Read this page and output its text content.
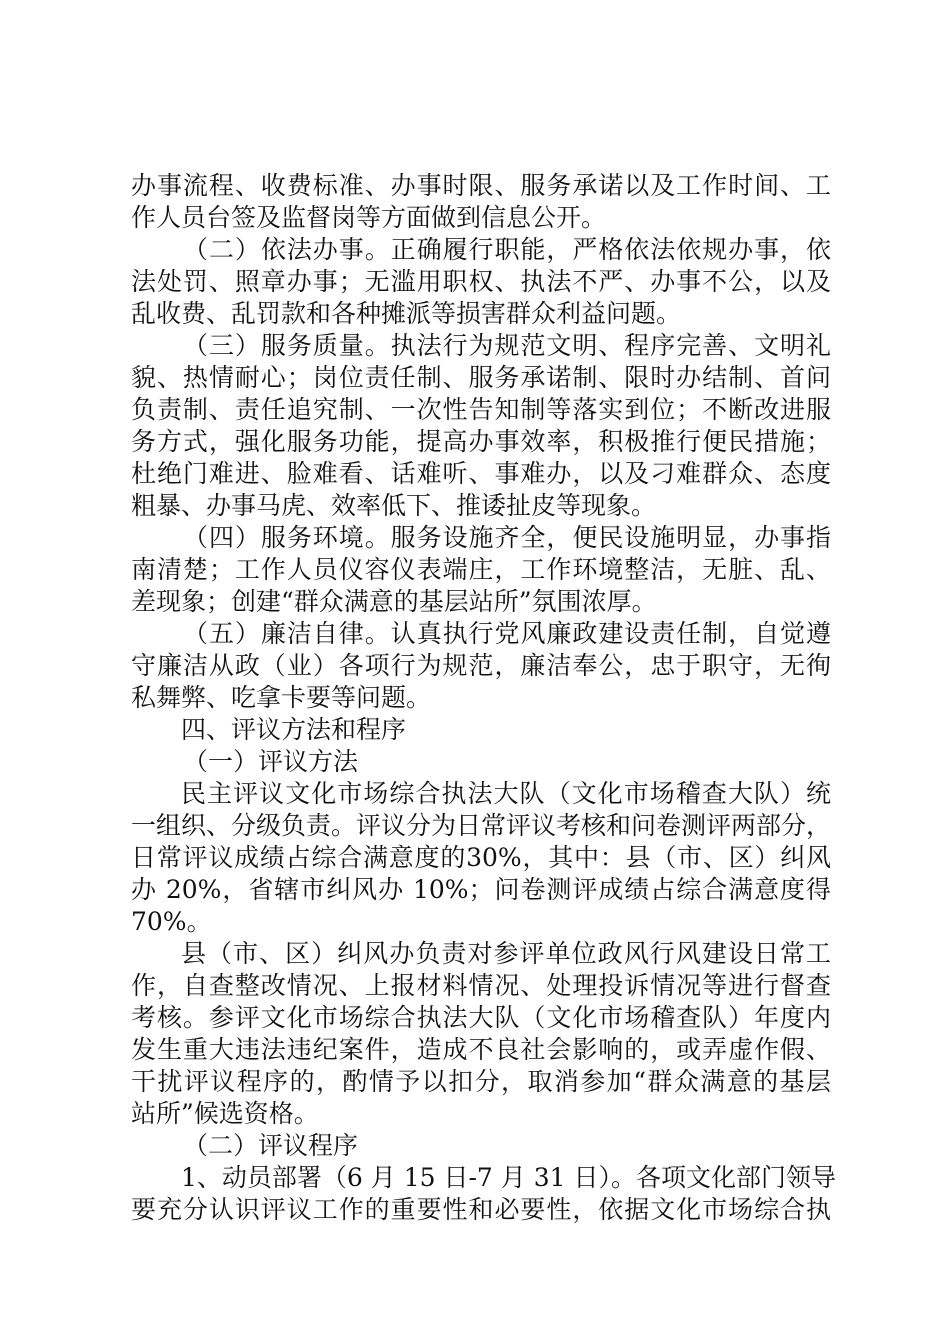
办事流程、收费标准、办事时限、服务承诺以及工作时间、工
作人员台签及监督岗等方面做到信息公开。
（二）依法办事。正确履行职能，严格依法依规办事，依
法处罚、照章办事；无滥用职权、执法不严、办事不公，以及
乱收费、乱罚款和各种摊派等损害群众利益问题。
（三）服务质量。执法行为规范文明、程序完善、文明礼
貌、热情耐心；岗位责任制、服务承诺制、限时办结制、首问
负责制、责任追究制、一次性告知制等落实到位；不断改进服
务方式，强化服务功能，提高办事效率，积极推行便民措施；
杜绝门难进、脸难看、话难听、事难办，以及刁难群众、态度
粗暴、办事马虎、效率低下、推诿扯皮等现象。
（四）服务环境。服务设施齐全，便民设施明显，办事指
南清楚；工作人员仪容仪表端庄，工作环境整洁，无脏、乱、
差现象；创建“群众满意的基层站所”氛围浓厚。
（五）廉洁自律。认真执行党风廉政建设责任制，自觉遵
守廉洁从政（业）各项行为规范，廉洁奉公，忠于职守，无徇
私舞弊、吃拿卡要等问题。
四、评议方法和程序
（一）评议方法
民主评议文化市场综合执法大队（文化市场稽查大队）统
一组织、分级负责。评议分为日常评议考核和问卷测评两部分，
日常评议成绩占综合满意度的30%，其中：县（市、区）纠风
办 20%，省辖市纠风办 10%；问卷测评成绩占综合满意度得
70%。
县（市、区）纠风办负责对参评单位政风行风建设日常工
作，自查整改情况、上报材料情况、处理投诉情况等进行督查
考核。参评文化市场综合执法大队（文化市场稽查队）年度内
发生重大违法违纪案件，造成不良社会影响的，或弄虚作假、
干扰评议程序的，酌情予以扣分，取消参加“群众满意的基层
站所”候选资格。
（二）评议程序
1、动员部署（6 月 15 日-7 月 31 日）。各项文化部门领导
要充分认识评议工作的重要性和必要性，依据文化市场综合执
